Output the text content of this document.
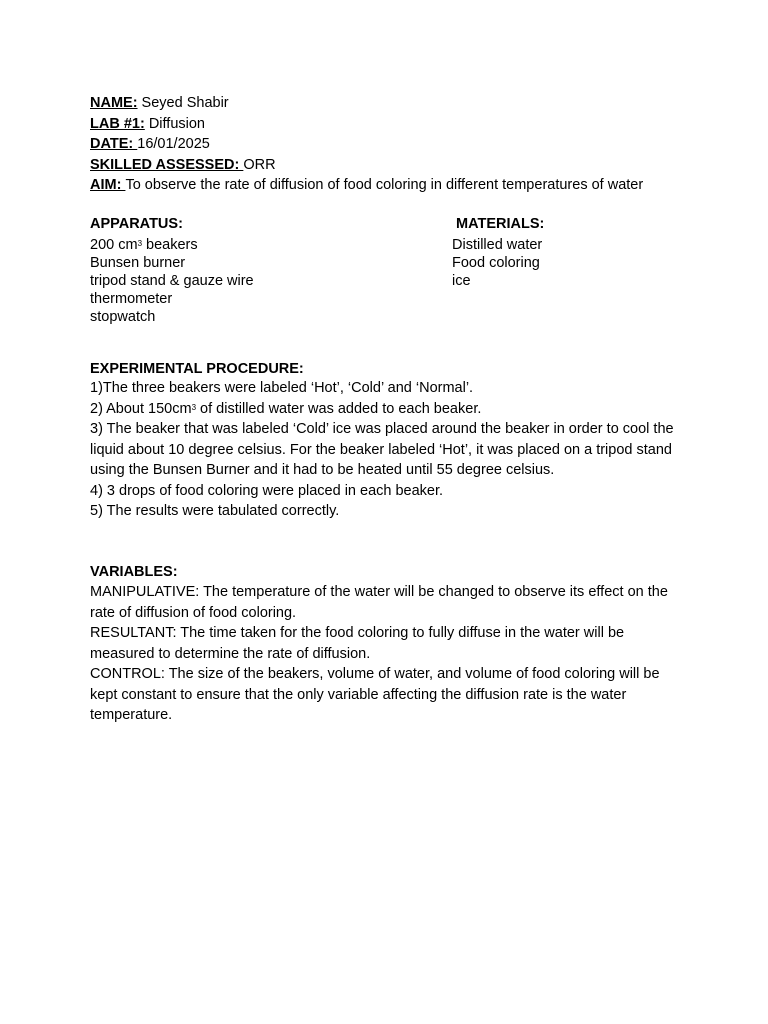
NAME: Seyed Shabir
LAB #1: Diffusion
DATE: 16/01/2025
SKILLED ASSESSED: ORR
AIM: To observe the rate of diffusion of food coloring in different temperatures of water
APPARATUS:
200 $cm^3$ beakers
Bunsen burner
tripod stand & gauze wire
thermometer
stopwatch
MATERIALS:
Distilled water
Food coloring
ice
EXPERIMENTAL PROCEDURE:
1)The three beakers were labeled ‘Hot’, ‘Cold’ and ‘Normal’.
2) About $150cm^3$ of distilled water was added to each beaker.
3) The beaker that was labeled ‘Cold’ ice was placed around the beaker in order to cool the liquid about 10 degree celsius. For the beaker labeled ‘Hot’, it was placed on a tripod stand using the Bunsen Burner and it had to be heated until 55 degree celsius.
4) 3 drops of food coloring were placed in each beaker.
5) The results were tabulated correctly.
VARIABLES:
MANIPULATIVE: The temperature of the water will be changed to observe its effect on the rate of diffusion of food coloring.
RESULTANT: The time taken for the food coloring to fully diffuse in the water will be measured to determine the rate of diffusion.
CONTROL: The size of the beakers, volume of water, and volume of food coloring will be kept constant to ensure that the only variable affecting the diffusion rate is the water temperature.
